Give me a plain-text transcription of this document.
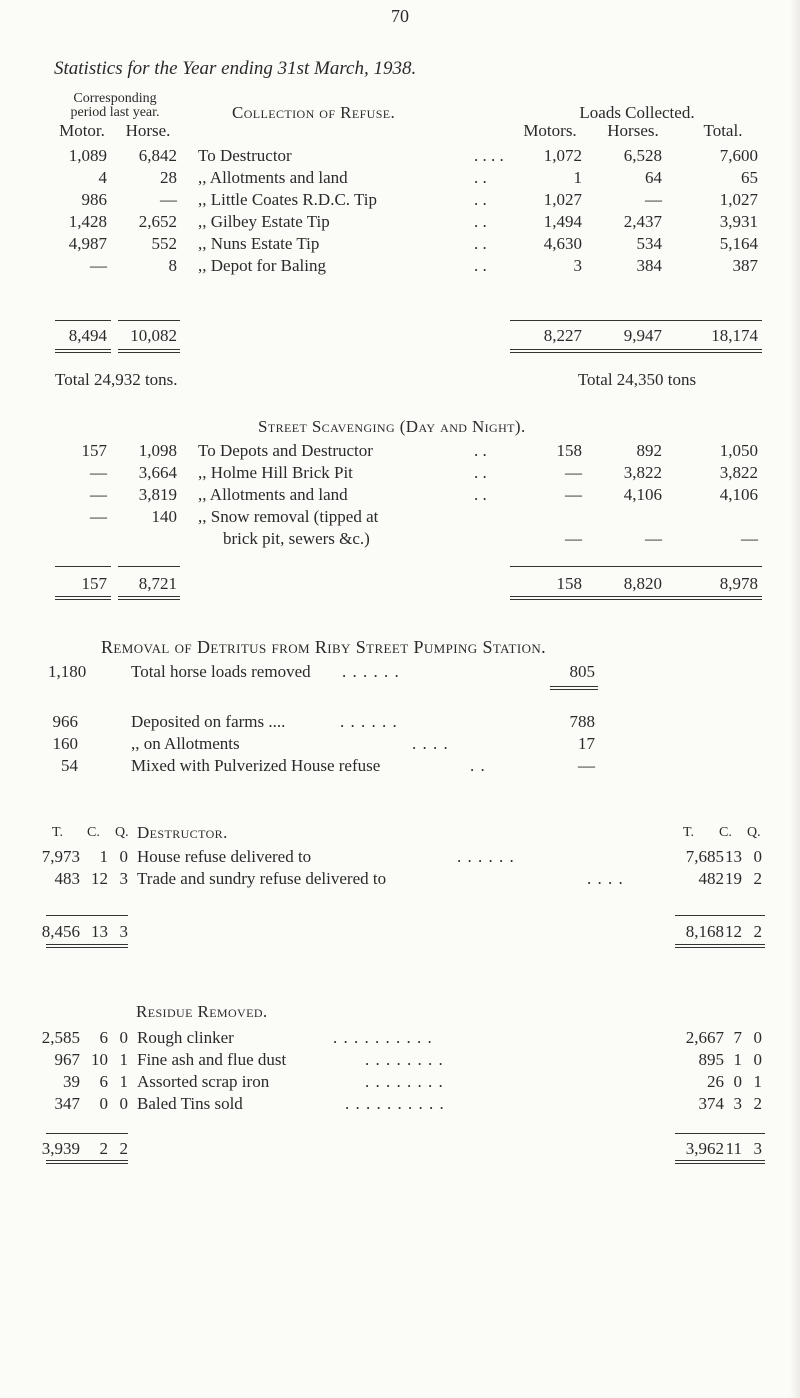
70
Statistics for the Year ending 31st March, 1938.
Corresponding
period last year.
Motor.	Horse.
Collection of Refuse.	Loads Collected.
Motors.	Horses.	Total.
1,089	6,842 To Destructor	. . . .	1,072	6,528	7,600
4	28 ,, Allotments and land	. .	1	64	65
986	— ,, Little Coates R.D.C. Tip	. .	1,027	—	1,027
1,428	2,652 ,, Gilbey Estate Tip	. .	1,494	2,437	3,931
4,987	552 ,, Nuns Estate Tip	. .	4,630	534	5,164
—	8 ,, Depot for Baling	. .	3	384	387
8,494	10,082	8,227	9,947	18,174
Total 24,932 tons.	Total 24,350 tons
Street Scavenging (Day and Night).
157	1,098 To Depots and Destructor	. .	158	892	1,050
—	3,664 ,, Holme Hill Brick Pit	. .	—	3,822	3,822
—	3,819 ,, Allotments and land	. .	—	4,106	4,106
—	140 ,, Snow removal (tipped at
brick pit, sewers &c.)	—	—	—
157	8,721	158	8,820	8,978
Removal of Detritus from Riby Street Pumping Station.
1,180	Total horse loads removed . . . . . .	805
966	Deposited on farms ....	. . . . . .	788
160	,, on Allotments	. . . .	17
54	Mixed with Pulverized House refuse	. .	—
T. C. Q. Destructor.	T. C. Q.
7,973	1 0 House refuse delivered to	. . . . . .	7,685 13 0
483 12 3 Trade and sundry refuse delivered to	. . . .	482 19 2
8,456 13 3	8,168 12 2
Residue Removed.
2,585	6 0 Rough clinker	. . . . . . . . . .	2,667 7 0
967 10 1 Fine ash and flue dust	. . . . . . . .	895 1 0
39	6 1 Assorted scrap iron	. . . . . . . .	26 0 1
347	0 0 Baled Tins sold	. . . . . . . . . .	374 3 2
3,939	2 2	3,962 11 3
